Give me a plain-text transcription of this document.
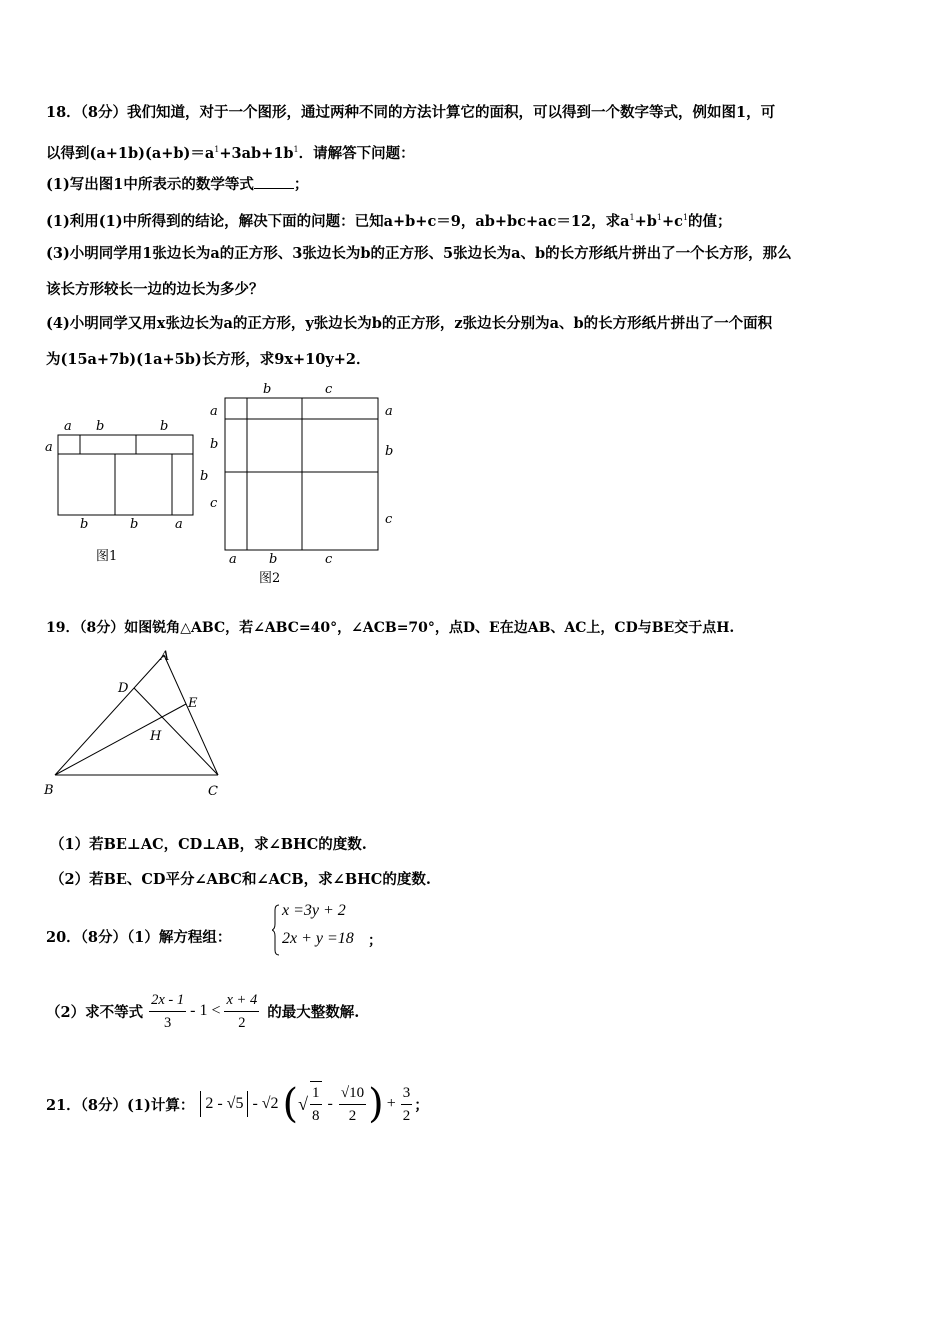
18．（8分）我们知道，对于一个图形，通过两种不同的方法计算它的面积，可以得到一个数字等式，例如图1，可
以得到$(a+1b)(a+b)=a^1+3ab+1b^1$．请解答下问题：
(1)写出图1中所表示的数学等式	；
(1)利用(1)中所得到的结论，解决下面的问题：已知a+b+c＝9，ab+bc+ac＝12，求$a^1+b^1+c^1$的值；
(3)小明同学用1张边长为a的正方形、3张边长为b的正方形、5张边长为a、b的长方形纸片拼出了一个长方形，那么
该长方形较长一边的边长为多少？
(4)小明同学又用x张边长为a的正方形，y张边长为b的正方形，z张边长分别为a、b的长方形纸片拼出了一个面积
为(15a+7b)(1a+5b)长方形，求9x+10y+2．
a b	b
a
b
b	b	a
图1
b	c
a
b
c
a
b
c
a b	c
图2
19．（8分）如图锐角△ABC，若∠ABC=40°，∠ACB=70°，点D、E在边AB、AC上，CD与BE交于点H.
A
B	C
D
E
H
（1）若BE⊥AC，CD⊥AB，求∠BHC的度数.
（2）若BE、CD平分∠ABC和∠ACB，求∠BHC的度数.
20．（8分）（1）解方程组：
x =3y + 2
2x + y =18 ；
（2）求不等式 $\frac{2x - 1}{3} - 1 < \frac{x + 4}{2}$ 的最大整数解.
21．（8分）(1)计算： 2 - √5 - √2 ( √ $\frac{1}{8} - \frac{√10}{2}$ ) + $\frac{3}{2}$ ；
